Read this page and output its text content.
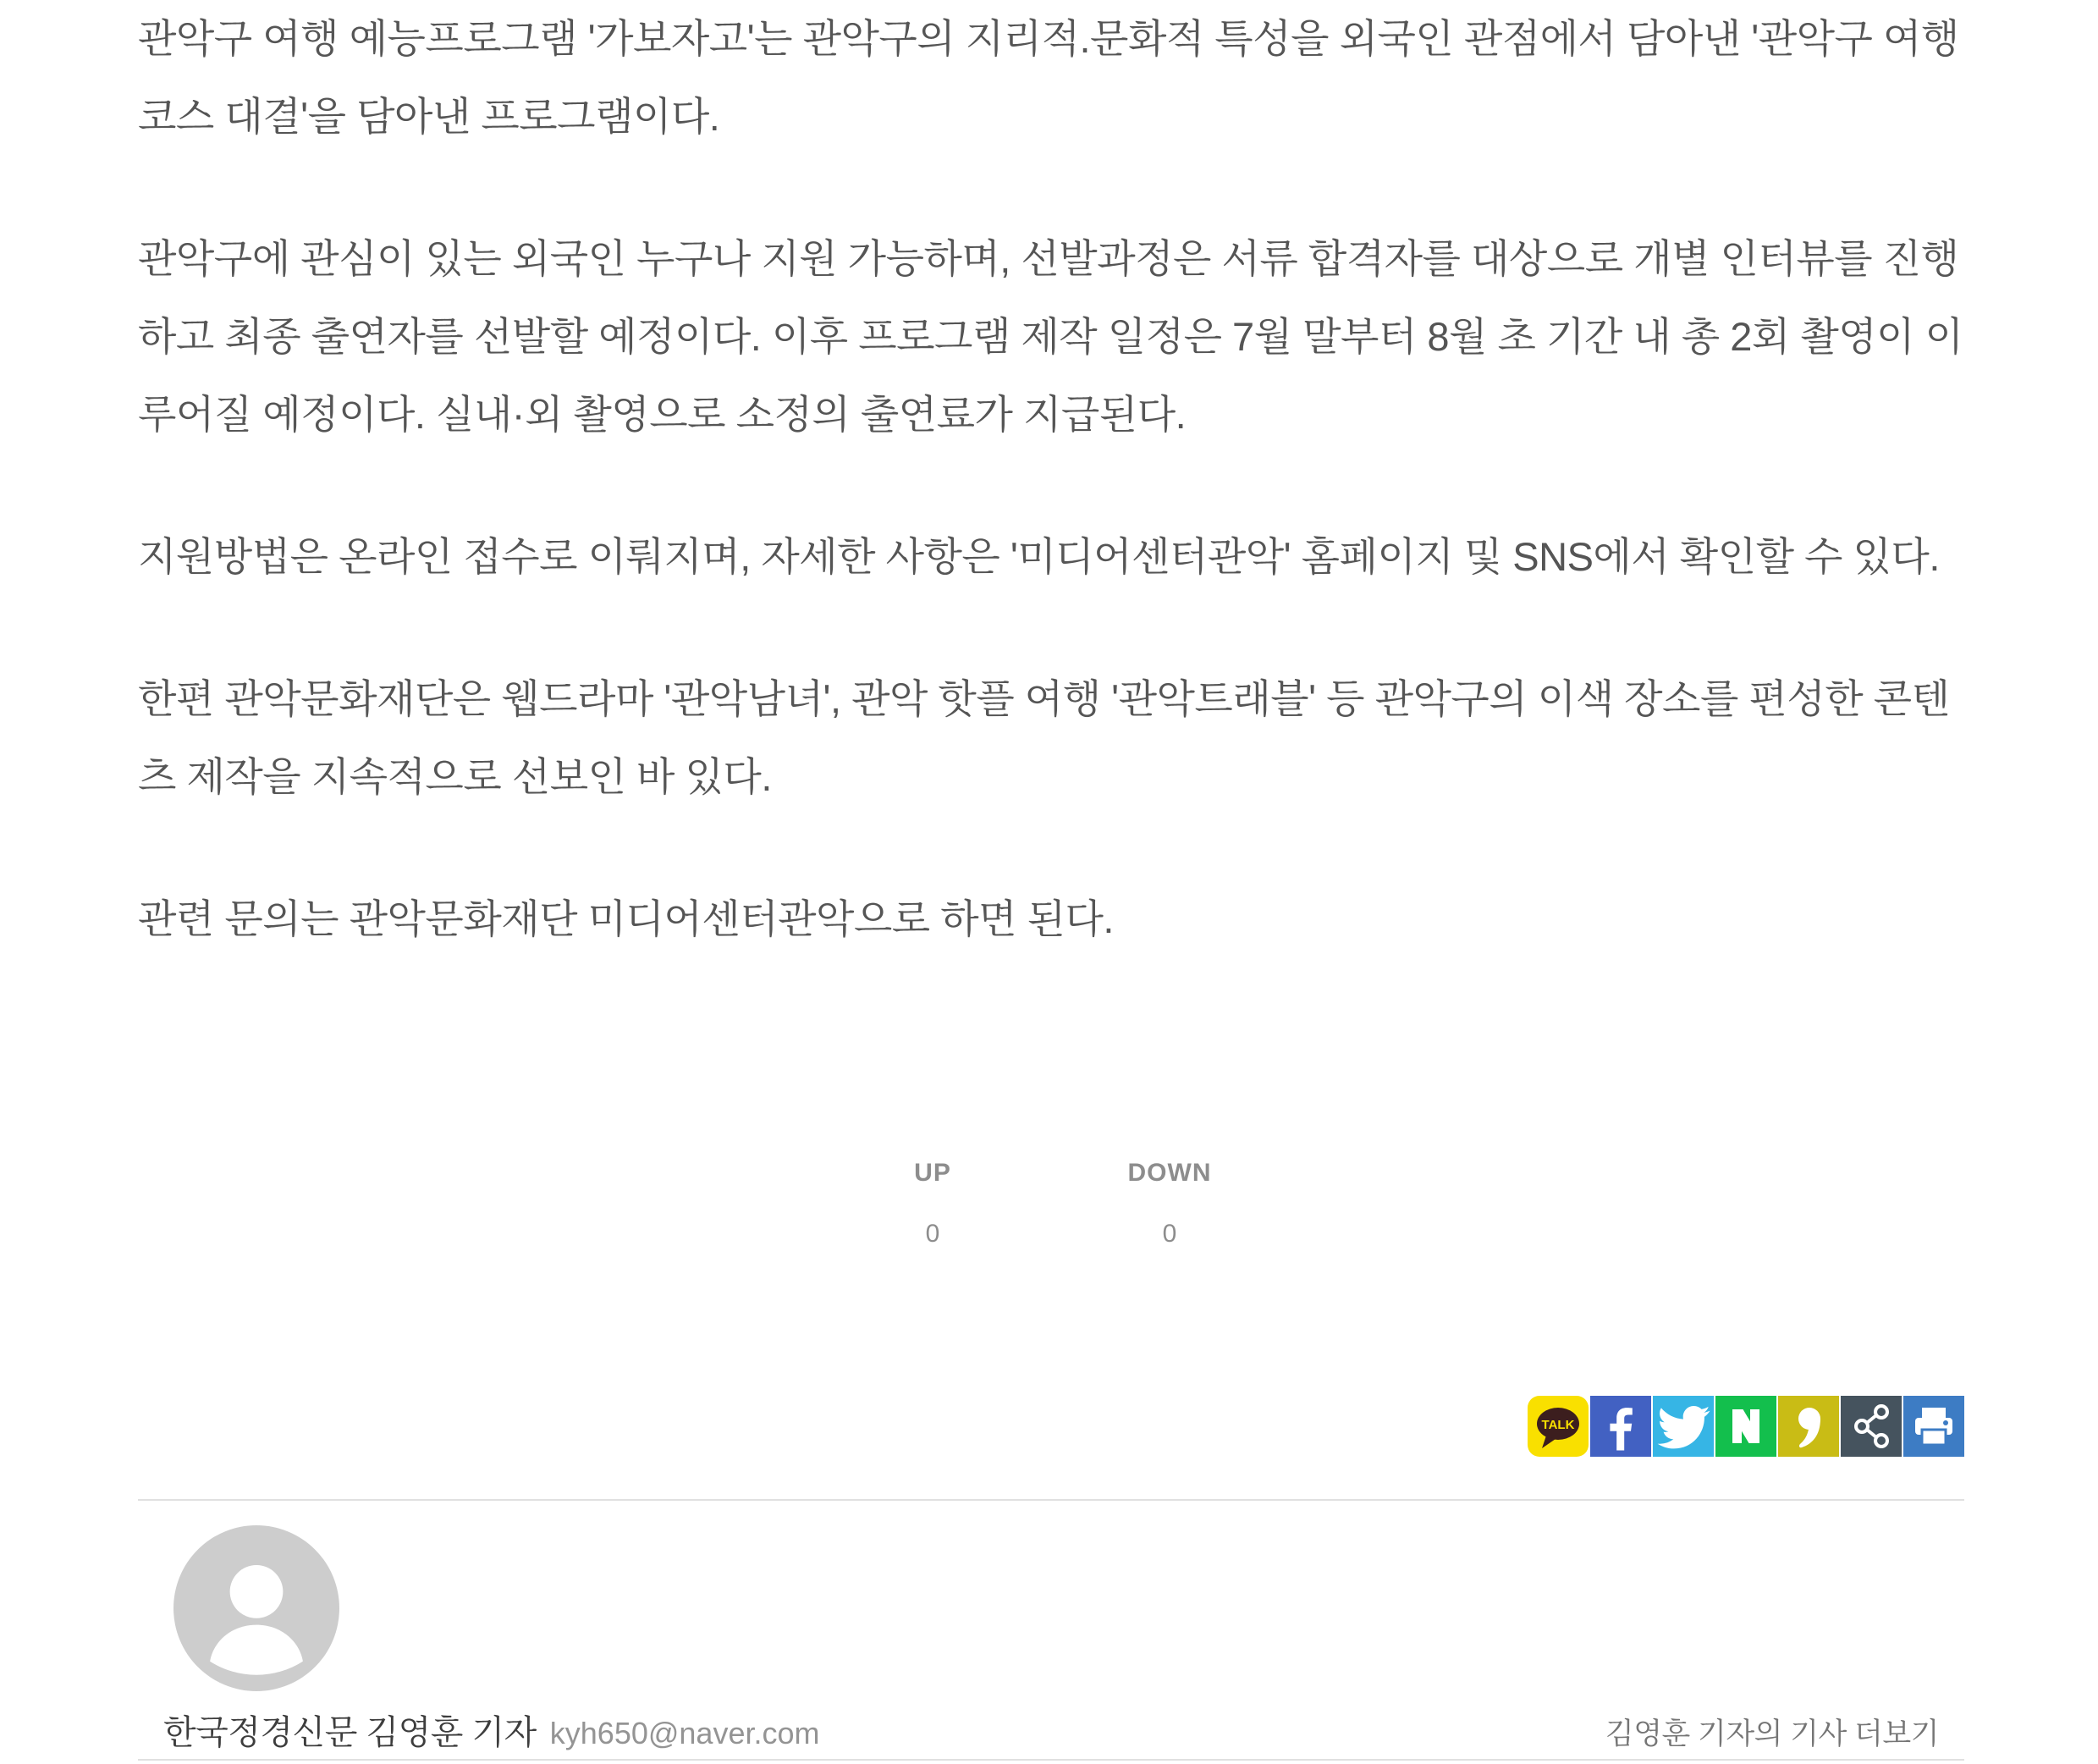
관악구 여행 예능프로그램 '가보자고'는 관악구의 지리적.문화적 특성을 외국인 관점에서 담아낸 '관악구 여행 코스 대결'을 담아낸 프로그램이다.

관악구에 관심이 있는 외국인 누구나 지원 가능하며, 선발과정은 서류 합격자를 대상으로 개별 인터뷰를 진행하고 최종 출연자를 선발할 예정이다. 이후 프로그램 제작 일정은 7월 말부터 8월 초 기간 내 총 2회 촬영이 이루어질 예정이다. 실내·외 촬영으로 소정의 출연료가 지급된다.

지원방법은 온라인 접수로 이뤄지며, 자세한 사항은 '미디어센터관악' 홈페이지 및 SNS에서 확인할 수 있다.

한편 관악문화재단은 웹드라마 '관악남녀', 관악 핫플 여행 '관악트래블' 등 관악구의 이색 장소를 편성한 콘텐츠 제작을 지속적으로 선보인 바 있다.

관련 문의는 관악문화재단 미디어센터관악으로 하면 된다.

UP
0
DOWN
0
TALK
한국정경신문 김영훈 기자 kyh650@naver.com	김영훈 기자의 기사 더보기
